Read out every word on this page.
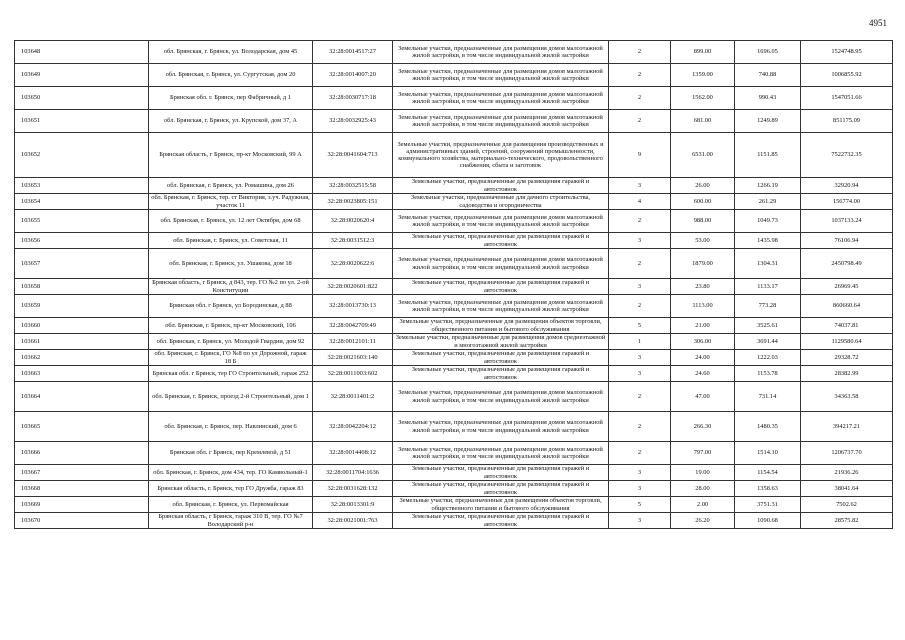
4951
103648	обл. Брянская, г. Брянск, ул. Володарская, дом 45	32:28:0014517:27	Земельные участки, предназначенные для размещения домов малоэтажной жилой застройки, в том числе индивидуальной жилой застройки	2	899.00	1696.05	1524748.95
103649	обл. Брянская, г. Брянск, ул. Сургутская, дом 20	32:28:0014007:20	Земельные участки, предназначенные для размещения домов малоэтажной жилой застройки, в том числе индивидуальной жилой застройки	2	1359.00	740.88	1006855.92
103650	Брянская обл. г. Брянск, пер Фабричный, д 1	32:28:0030717:18	Земельные участки, предназначенные для размещения домов малоэтажной жилой застройки, в том числе индивидуальной жилой застройки	2	1562.00	990.43	1547051.66
103651	обл. Брянская, г. Брянск, ул. Крупской, дом 37, А	32:28:0032925:43	Земельные участки, предназначенные для размещения домов малоэтажной жилой застройки, в том числе индивидуальной жилой застройки	2	681.00	1249.89	851175.09
103652	Брянская область, г Брянск, пр-кт Московский, 99 А	32:28:0041604:713	Земельные участки, предназначенные для размещения производственных и административных зданий, строений, сооружений промышленности, коммунального хозяйства, материально-технического, продовольственного снабжения, сбыта и заготовок	9	6531.00	1151.85	7522732.35
103653	обл. Брянская, г. Брянск, ул. Ромашина, дом 26	32:28:0032515:58	Земельные участки, предназначенные для размещения гаражей и автостоянок	3	26.00	1266.19	32920.94
103654	обл. Брянская, г. Брянск, тер. ст Виктория, з.уч. Радужная, участок 11	32:28:0023805:151	Земельные участки, предназначенные для дачного строительства, садоводства и огородничества	4	600.00	261.29	156774.00
103655	обл. Брянская, г. Брянск, ул. 12 лет Октября, дом 68	32:28:0020620:4	Земельные участки, предназначенные для размещения домов малоэтажной жилой застройки, в том числе индивидуальной жилой застройки	2	988.00	1049.73	1037133.24
103656	обл. Брянская, г. Брянск, ул. Советская, 11	32:28:0031512:3	Земельные участки, предназначенные для размещения гаражей и автостоянок	3	53.00	1435.98	76106.94
103657	обл. Брянская, г. Брянск, ул. Ушакова, дом 18	32:28:0020622:6	Земельные участки, предназначенные для размещения домов малоэтажной жилой застройки, в том числе индивидуальной жилой застройки	2	1879.00	1304.31	2450798.49
103658	Брянская область, г Брянск, д 843, тер. ГО №2 по ул. 2-ой Конституции	32:28:0020601:822	Земельные участки, предназначенные для размещения гаражей и автостоянок	3	23.80	1133.17	26969.45
103659	Брянская обл. г Брянск, ул Бородинская, д 88	32:28:0013730:13	Земельные участки, предназначенные для размещения домов малоэтажной жилой застройки, в том числе индивидуальной жилой застройки	2	1113.00	773.28	860660.64
103660	обл. Брянская, г. Брянск, пр-кт Московский, 106	32:28:0042709:49	Земельные участки, предназначенные для размещения объектов торговли, общественного питания и бытового обслуживания	5	21.00	3525.61	74037.81
103661	обл. Брянская, г. Брянск, ул. Молодой Гвардии, дом 92	32:28:0012101:11	Земельные участки, предназначенные для размещения домов среднеэтажной и многоэтажной жилой застройки	1	306.00	3691.44	1129580.64
103662	обл. Брянская, г. Брянск, ГО №8 по ул Дорожной, гараж 18 Б	32:28:0021603:140	Земельные участки, предназначенные для размещения гаражей и автостоянок	3	24.00	1222.03	29328.72
103663	Брянская обл. г Брянск, тер ГО Строительный, гараж 252	32:28:0011003:602	Земельные участки, предназначенные для размещения гаражей и автостоянок	3	24.60	1153.78	28382.99
103664	обл. Брянская, г. Брянск, проезд 2-й Строительный, дом 1	32:28:0011401:2	Земельные участки, предназначенные для размещения домов малоэтажной жилой застройки, в том числе индивидуальной жилой застройки	2	47.00	731.14	34363.58
103665	обл. Брянская, г. Брянск, пер. Навлинский, дом 6	32:28:0042204:12	Земельные участки, предназначенные для размещения домов малоэтажной жилой застройки, в том числе индивидуальной жилой застройки	2	266.30	1480.35	394217.21
103666	Брянская обл. г Брянск, пер Кремлевой, д 51	32:28:0014408:12	Земельные участки, предназначенные для размещения домов малоэтажной жилой застройки, в том числе индивидуальной жилой застройки	2	797.00	1514.10	1206737.70
103667	обл. Брянская, г. Брянск, дом 434, тер. ГО Камвольный-1	32:28:0011704:1636	Земельные участки, предназначенные для размещения гаражей и автостоянок	3	19.00	1154.54	21936.26
103668	Брянская область, г. Брянск, тер ГО Дружба, гараж 83	32:28:0031628:132	Земельные участки, предназначенные для размещения гаражей и автостоянок	3	28.00	1358.63	38041.64
103669	обл. Брянская, г. Брянск, ул. Первомайская	32:28:0013301:9	Земельные участки, предназначенные для размещения объектов торговли, общественного питания и бытового обслуживания	5	2.00	3751.31	7502.62
103670	Брянская область, г Брянск, гараж 310 В, тер. ГО №7 Володарский р-н	32:28:0021001:763	Земельные участки, предназначенные для размещения гаражей и автостоянок	3	26.20	1090.68	28575.82
